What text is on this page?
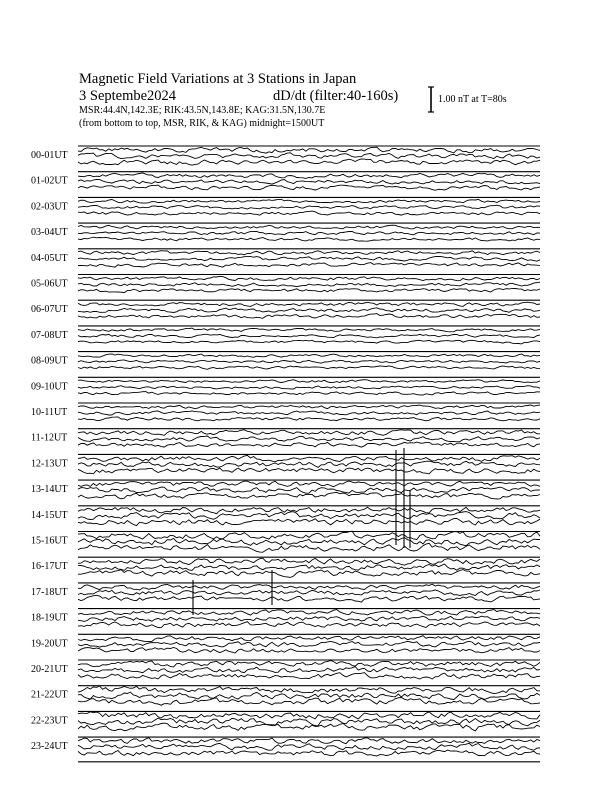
Magnetic Field Variations at 3 Stations in Japan
3 Septembe2024	dD/dt (filter:40-160s)
MSR:44.4N,142.3E; RIK:43.5N,143.8E; KAG:31.5N,130.7E
(from bottom to top, MSR, RIK, & KAG) midnight=1500UT
1.00 nT at T=80s
00-01UT
01-02UT
02-03UT
03-04UT
04-05UT
05-06UT
06-07UT
07-08UT
08-09UT
09-10UT
10-11UT
11-12UT
12-13UT
13-14UT
14-15UT
15-16UT
16-17UT
17-18UT
18-19UT
19-20UT
20-21UT
21-22UT
22-23UT
23-24UT
